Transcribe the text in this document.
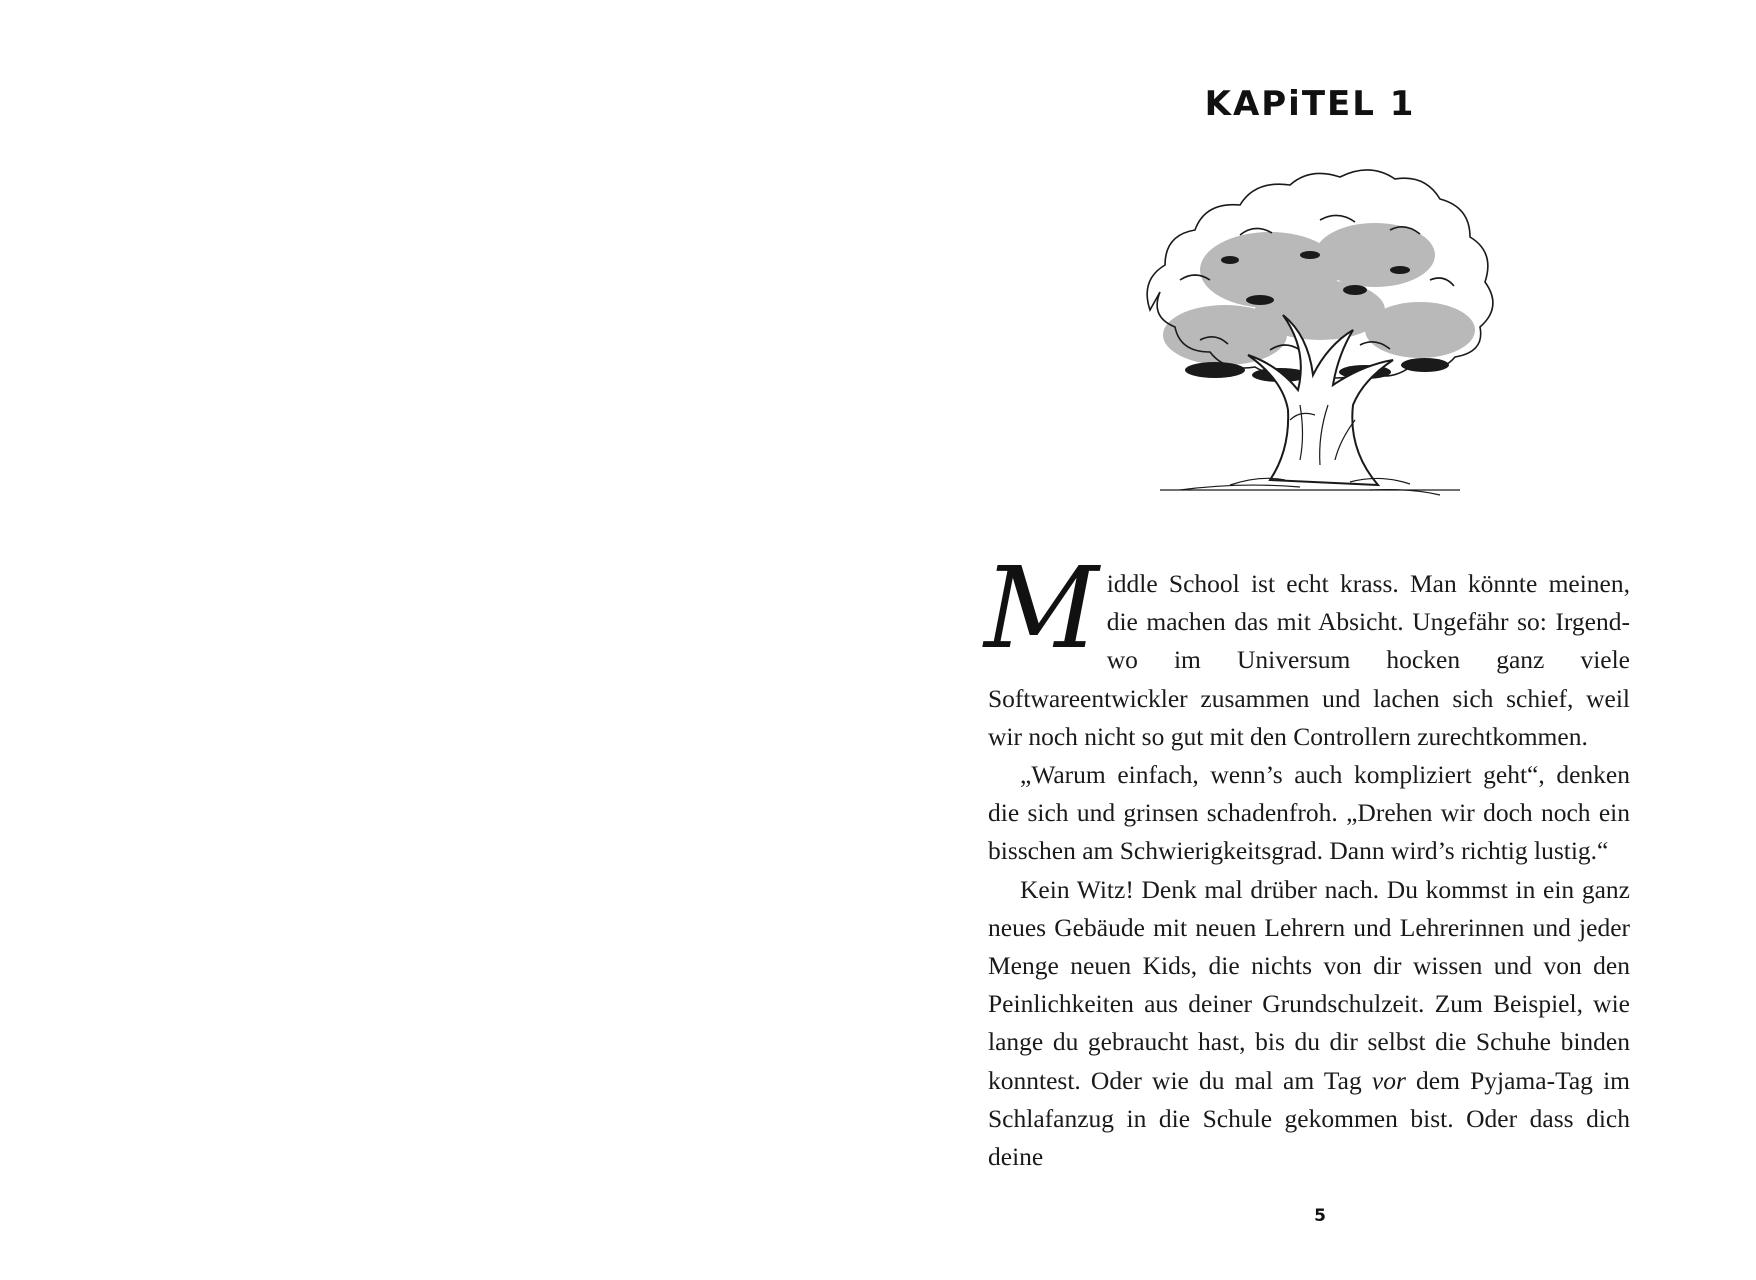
KAPiTEL 1
M iddle School ist echt krass. Man könnte meinen, die machen das mit Absicht. Ungefähr so: Irgendwo im Universum hocken ganz viele Softwareentwickler zusammen und lachen sich schief, weil wir noch nicht so gut mit den Controllern zurechtkommen.

„Warum einfach, wenn’s auch kompliziert geht“, denken die sich und grinsen schadenfroh. „Drehen wir doch noch ein bisschen am Schwierigkeitsgrad. Dann wird’s richtig lustig.“

Kein Witz! Denk mal drüber nach. Du kommst in ein ganz neues Gebäude mit neuen Lehrern und Lehrerinnen und jeder Menge neuen Kids, die nichts von dir wissen und von den Peinlichkeiten aus deiner Grundschulzeit. Zum Beispiel, wie lange du gebraucht hast, bis du dir selbst die Schuhe binden konntest. Oder wie du mal am Tag vor dem Pyjama-Tag im Schlafanzug in die Schule gekommen bist. Oder dass dich deine

5
